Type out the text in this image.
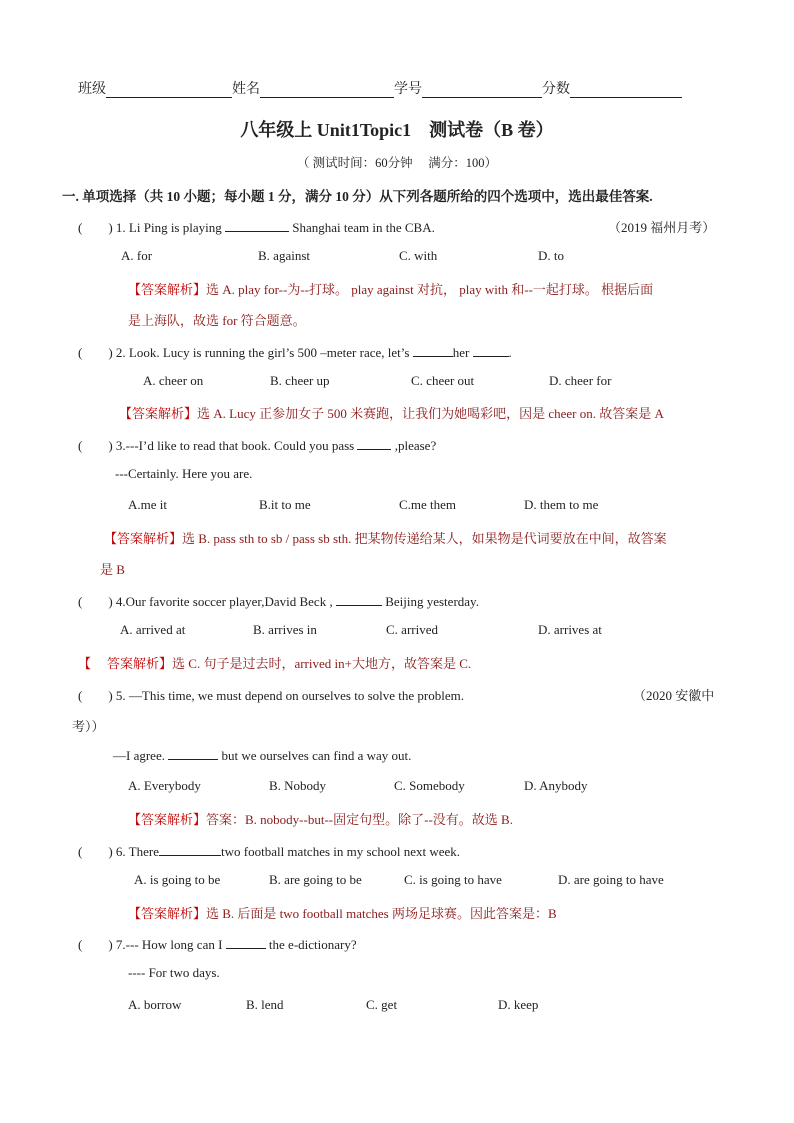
班级	姓名	学号	分数
八年级上 Unit1Topic1　测试卷（B 卷）
（ 测试时间：60分钟　 满分：100）
一. 单项选择（共 10 小题；每小题 1 分，满分 10 分）从下列各题所给的四个选项中，选出最佳答案.
(　　) 1. Li Ping is playing	Shanghai team in the CBA.	（2019 福州月考）
A. for	B. against	C. with	D. to
【答案解析】选 A. play for--为--打球。 play against 对抗， play with 和--一起打球。 根据后面
是上海队，故选 for 符合题意。
(　　) 2. Look. Lucy is running the girl’s 500 –meter race, let’s	her	.
A. cheer on	B. cheer up	C. cheer out	D. cheer for
【答案解析】选 A. Lucy 正参加女子 500 米赛跑，让我们为她喝彩吧，因是 cheer on. 故答案是 A
(　　) 3.---I’d like to read that book. Could you pass	,please?
---Certainly. Here you are.
A.me it	B.it to me	C.me them	D. them to me
【答案解析】选 B. pass sth to sb / pass sb sth. 把某物传递给某人，如果物是代词要放在中间，故答案
是 B
(　　) 4.Our favorite soccer player,David Beck ,	Beijing yesterday.
A. arrived at	B. arrives in	C. arrived	D. arrives at
【 答案解析】选 C. 句子是过去时，arrived in+大地方，故答案是 C.
(　　) 5. —This time, we must depend on ourselves to solve the problem.	（2020 安徽中
考））
—I agree.	but we ourselves can find a way out.
A. Everybody	B. Nobody	C. Somebody	D. Anybody
【答案解析】答案：B. nobody--but--固定句型。除了--没有。故选 B.
(　　) 6. There	two football matches in my school next week.
A. is going to be	B. are going to be	C. is going to have	D. are going to have
【答案解析】选 B. 后面是 two football matches 两场足球赛。因此答案是：B
(　　) 7.--- How long can I	the e-dictionary?
---- For two days.
A. borrow	B. lend	C. get	D. keep
